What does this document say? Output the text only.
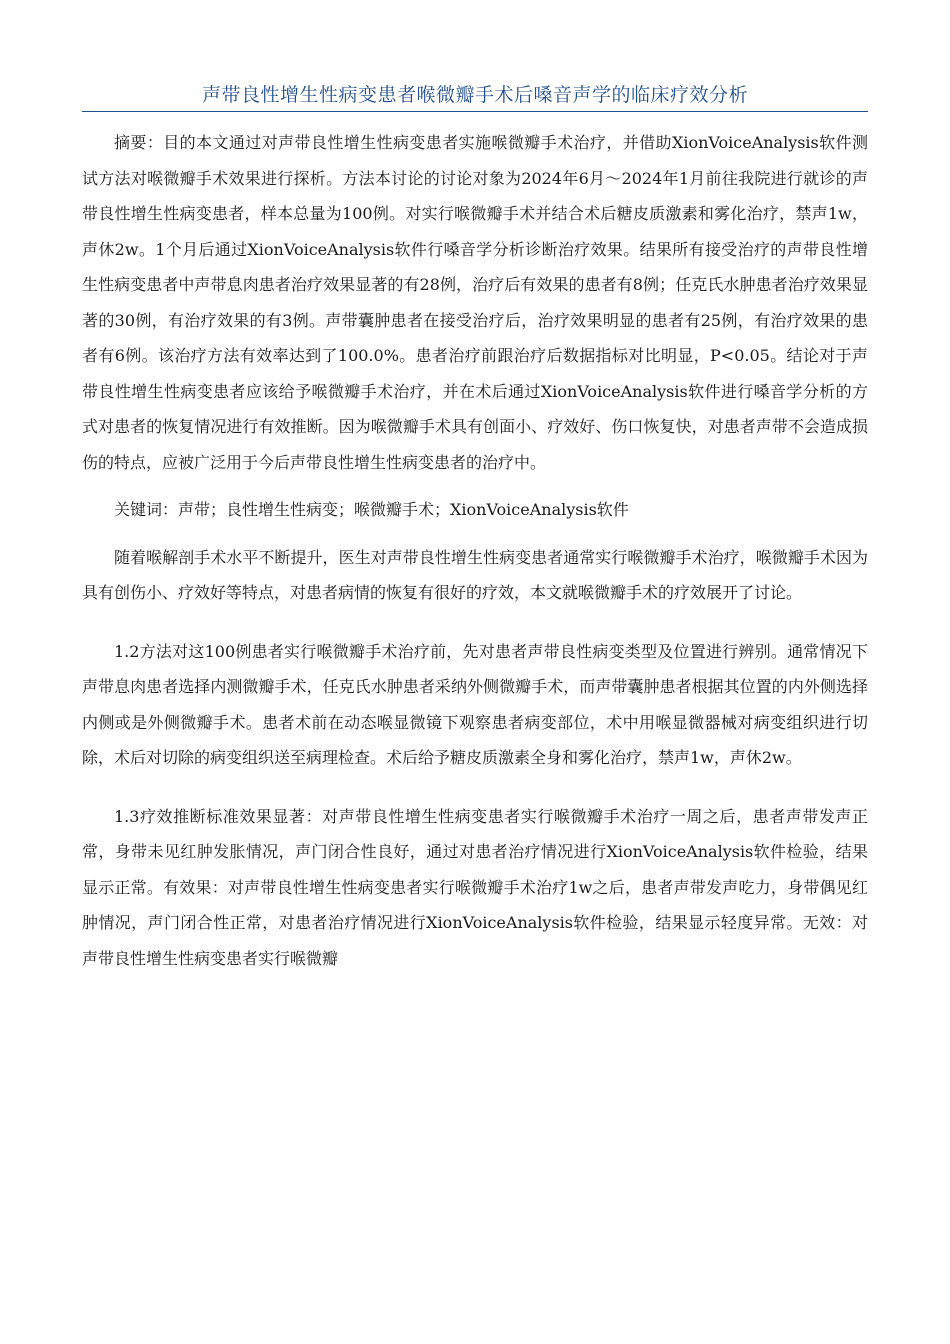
声带良性增生性病变患者喉微瓣手术后嗓音声学的临床疗效分析

摘要：目的本文通过对声带良性增生性病变患者实施喉微瓣手术治疗，并借助XionVoiceAnalysis软件测试方法对喉微瓣手术效果进行探析。方法本讨论的讨论对象为2024年6月～2024年1月前往我院进行就诊的声带良性增生性病变患者，样本总量为100例。对实行喉微瓣手术并结合术后糖皮质激素和雾化治疗，禁声1w，声休2w。1个月后通过XionVoiceAnalysis软件行嗓音学分析诊断治疗效果。结果所有接受治疗的声带良性增生性病变患者中声带息肉患者治疗效果显著的有28例，治疗后有效果的患者有8例；任克氏水肿患者治疗效果显著的30例，有治疗效果的有3例。声带囊肿患者在接受治疗后，治疗效果明显的患者有25例，有治疗效果的患者有6例。该治疗方法有效率达到了100.0%。患者治疗前跟治疗后数据指标对比明显，P<0.05。结论对于声带良性增生性病变患者应该给予喉微瓣手术治疗，并在术后通过XionVoiceAnalysis软件进行嗓音学分析的方式对患者的恢复情况进行有效推断。因为喉微瓣手术具有创面小、疗效好、伤口恢复快，对患者声带不会造成损伤的特点，应被广泛用于今后声带良性增生性病变患者的治疗中。

关键词：声带；良性增生性病变；喉微瓣手术；XionVoiceAnalysis软件

随着喉解剖手术水平不断提升，医生对声带良性增生性病变患者通常实行喉微瓣手术治疗，喉微瓣手术因为具有创伤小、疗效好等特点，对患者病情的恢复有很好的疗效，本文就喉微瓣手术的疗效展开了讨论。

1.2方法对这100例患者实行喉微瓣手术治疗前，先对患者声带良性病变类型及位置进行辨别。通常情况下声带息肉患者选择内测微瓣手术，任克氏水肿患者采纳外侧微瓣手术，而声带囊肿患者根据其位置的内外侧选择内侧或是外侧微瓣手术。患者术前在动态喉显微镜下观察患者病变部位，术中用喉显微器械对病变组织进行切除，术后对切除的病变组织送至病理检查。术后给予糖皮质激素全身和雾化治疗，禁声1w，声休2w。

1.3疗效推断标准效果显著：对声带良性增生性病变患者实行喉微瓣手术治疗一周之后，患者声带发声正常，身带未见红肿发胀情况，声门闭合性良好，通过对患者治疗情况进行XionVoiceAnalysis软件检验，结果显示正常。有效果：对声带良性增生性病变患者实行喉微瓣手术治疗1w之后，患者声带发声吃力，身带偶见红肿情况，声门闭合性正常，对患者治疗情况进行XionVoiceAnalysis软件检验，结果显示轻度异常。无效：对声带良性增生性病变患者实行喉微瓣
